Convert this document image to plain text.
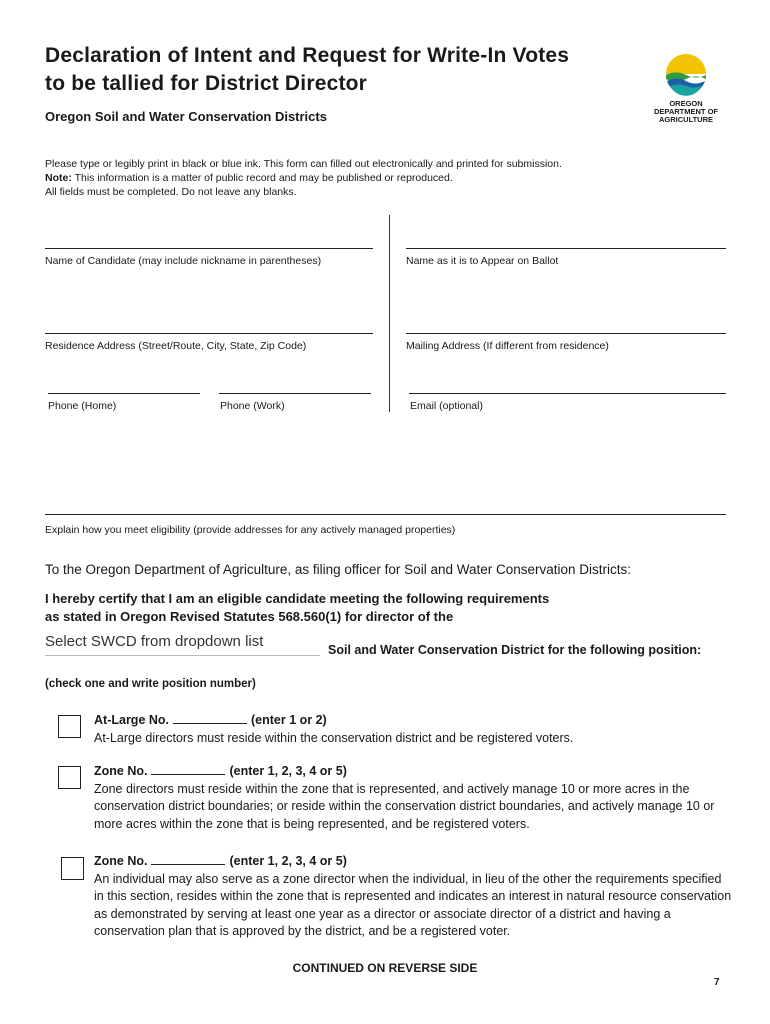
Declaration of Intent and Request for Write-In Votes
to be tallied for District Director
Oregon Soil and Water Conservation Districts
OREGON
DEPARTMENT OF
AGRICULTURE
Please type or legibly print in black or blue ink. This form can filled out electronically and printed for submission.
Note: This information is a matter of public record and may be published or reproduced.
All fields must be completed. Do not leave any blanks.
Name of Candidate (may include nickname in parentheses)	Name as it is to Appear on Ballot
Residence Address (Street/Route, City, State, Zip Code)	Mailing Address (If different from residence)
Phone (Home)	Phone (Work)	Email (optional)
Explain how you meet eligibility (provide addresses for any actively managed properties)
To the Oregon Department of Agriculture, as filing officer for Soil and Water Conservation Districts:
I hereby certify that I am an eligible candidate meeting the following requirements
as stated in Oregon Revised Statutes 568.560(1) for director of the
Select SWCD from dropdown list	Soil and Water Conservation District for the following position:
(check one and write position number)
At-Large No.	(enter 1 or 2)
At-Large directors must reside within the conservation district and be registered voters.
Zone No.	(enter 1, 2, 3, 4 or 5)
Zone directors must reside within the zone that is represented, and actively manage 10 or more acres in the conservation district boundaries; or reside within the conservation district boundaries, and actively manage 10 or more acres within the zone that is being represented, and be registered voters.
Zone No.	(enter 1, 2, 3, 4 or 5)
An individual may also serve as a zone director when the individual, in lieu of the other the requirements specified in this section, resides within the zone that is represented and indicates an interest in natural resource conservation as demonstrated by serving at least one year as a director or associate director of a district and having a conservation plan that is approved by the district, and be a registered voter.
CONTINUED ON REVERSE SIDE
7
